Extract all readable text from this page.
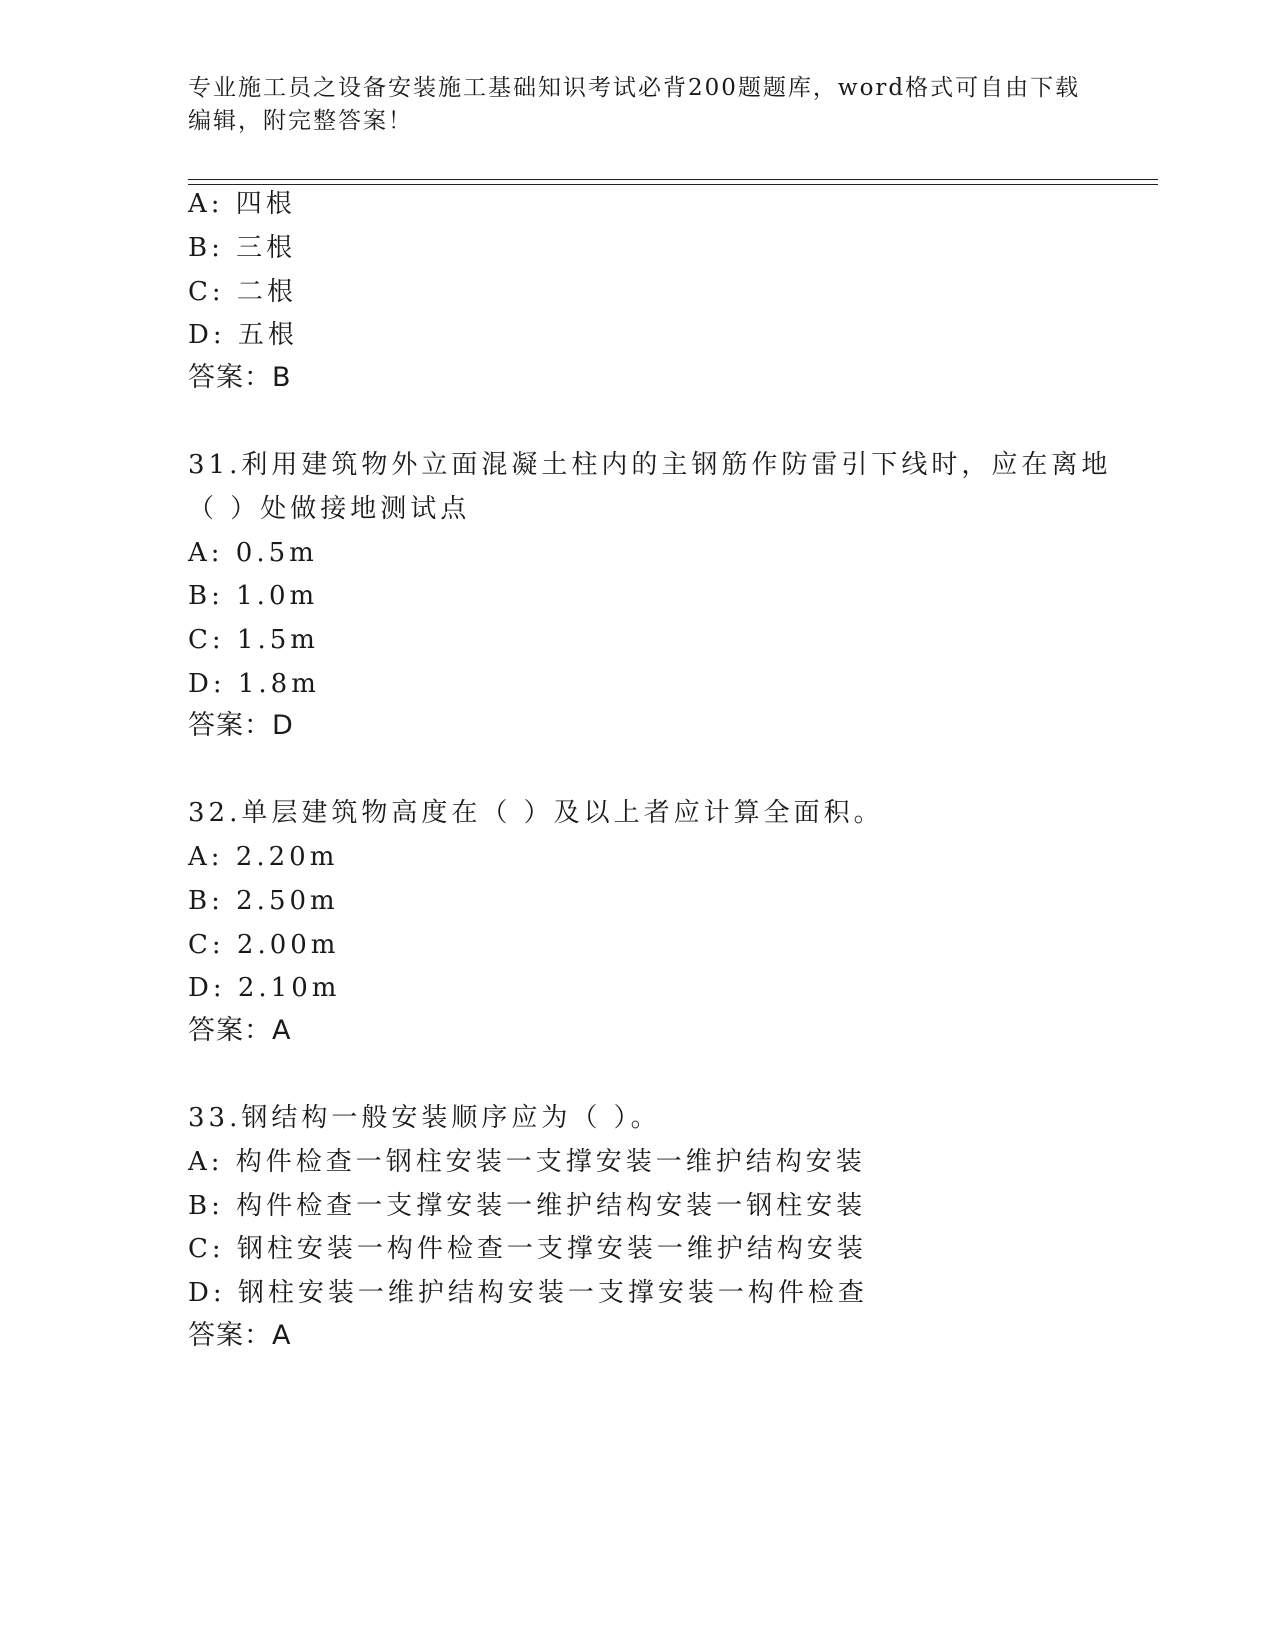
专业施工员之设备安装施工基础知识考试必背200题题库，word格式可自由下载
编辑，附完整答案！
A: 四根
B: 三根
C: 二根
D: 五根
答案：B
31.利用建筑物外立面混凝土柱内的主钢筋作防雷引下线时，应在离地
（ ）处做接地测试点
A: 0.5m
B: 1.0m
C: 1.5m
D: 1.8m
答案：D
32.单层建筑物高度在（ ）及以上者应计算全面积。
A: 2.20m
B: 2.50m
C: 2.00m
D: 2.10m
答案：A
33.钢结构一般安装顺序应为（ ）。
A: 构件检查一钢柱安装一支撑安装一维护结构安装
B: 构件检查一支撑安装一维护结构安装一钢柱安装
C: 钢柱安装一构件检查一支撑安装一维护结构安装
D: 钢柱安装一维护结构安装一支撑安装一构件检查
答案：A
